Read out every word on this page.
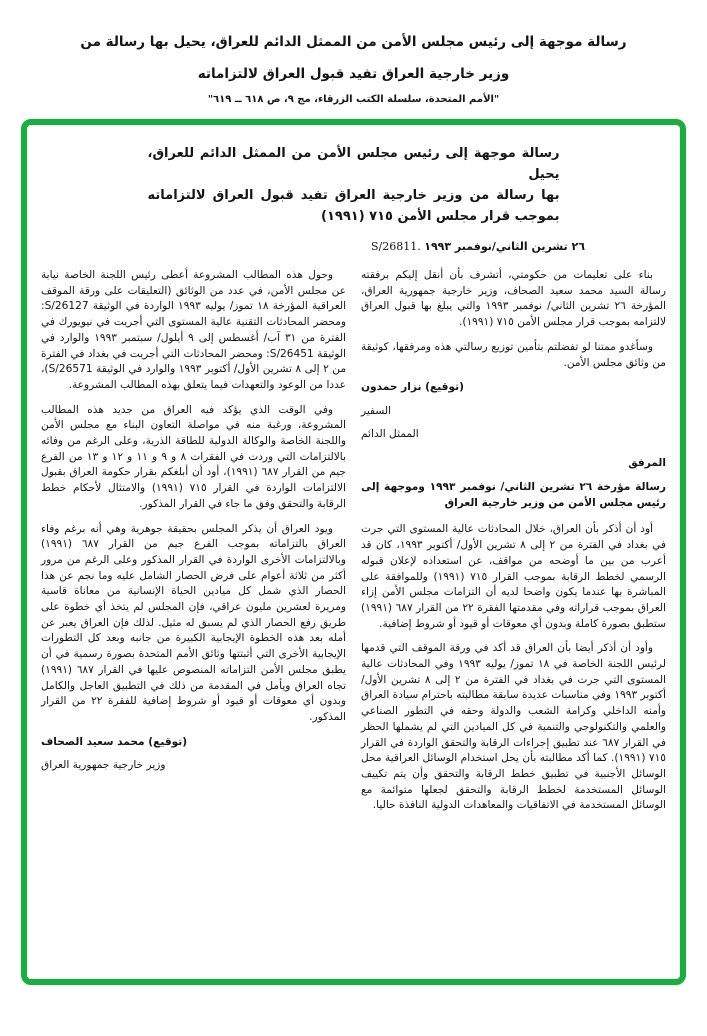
رسالة موجهة إلى رئيس مجلس الأمن من الممثل الدائم للعراق، يحيل بها رسالة من
وزير خارجية العراق تفيد قبول العراق لالتزاماته
"الأمم المتحدة، سلسلة الكتب الزرقاء، مج ٩، ص ٦١٨ ــ ٦١٩"
رسالة موجهة إلى رئيس مجلس الأمن من الممثل الدائم للعراق، يحيل
بها رسالة من وزير خارجية العراق تفيد قبول العراق لالتزاماته
بموجب قرار مجلس الأمن ٧١٥ (١٩٩١)
S/26811. ٢٦ تشرين الثاني/نوفمبر ١٩٩٣

وحول هذه المطالب المشروعة أعطى رئيس اللجنة الخاصة نيابة عن مجلس الأمن، في عدد من الوثائق (التعليقات على ورقة الموقف العراقية المؤرخة ١٨ تموز/ يوليه ١٩٩٣ الواردة في الوثيقة S/26127: ومحضر المحادثات التقنية عالية المستوى التي أجريت في نيويورك في الفترة من ٣١ آب/ أغسطس إلى ٩ أيلول/ سبتمبر ١٩٩٣ والوارد في الوثيقة S/26451: ومحضر المحادثات التي أجريت في بغداد في الفترة من ٢ إلى ٨ تشرين الأول/ أكتوبر ١٩٩٣ والوارد في الوثيقة S/26571)، عددا من الوعود والتعهدات فيما يتعلق بهذه المطالب المشروعة.

وفي الوقت الذي يؤكد فيه العراق من جديد هذه المطالب المشروعة، ورغبة منه في مواصلة التعاون البناء مع مجلس الأمن واللجنة الخاصة والوكالة الدولية للطاقة الذرية، وعلى الرغم من وفائه بالالتزامات التي وردت في الفقرات ٨ و ٩ و ١١ و ١٢ و ١٣ من الفرع جيم من القرار ٦٨٧ (١٩٩١)، أود أن أبلغكم بقرار حكومة العراق بقبول الالتزامات الواردة في القرار ٧١٥ (١٩٩١) والامتثال لأحكام خطط الرقابة والتحقق وفق ما جاء في القرار المذكور.

ويود العراق أن يذكر المجلس بحقيقة جوهرية وهي أنه برغم وفاء العراق بالتزاماته بموجب الفرع جيم من القرار ٦٨٧ (١٩٩١) وبالالتزامات الأخرى الواردة في القرار المذكور وعلى الرغم من مرور أكثر من ثلاثة أعوام على فرض الحصار الشامل عليه وما نجم عن هذا الحصار الذي شمل كل ميادين الحياة الإنسانية من معاناة قاسية ومريرة لعشرين مليون عراقي، فإن المجلس لم يتخذ أي خطوة على طريق رفع الحصار الذي لم يسبق له مثيل. لذلك فإن العراق يعبر عن أمله بعد هذه الخطوة الإيجابية الكبيرة من جانبه وبعد كل التطورات الإيجابية الأخرى التي أثبتتها وثائق الأمم المتحدة بصورة رسمية في أن يطبق مجلس الأمن التزاماته المنصوص عليها في القرار ٦٨٧ (١٩٩١) تجاه العراق ويأمل في المقدمة من ذلك في التطبيق العاجل والكامل وبدون أي معوقات أو قيود أو شروط إضافية للفقرة ٢٢ من القرار المذكور.

(توقيع) محمد سعيد الصحاف
وزير خارجية جمهورية العراق

بناء على تعليمات من حكومتي، أتشرف بأن أنقل إليكم برفقته رسالة السيد محمد سعيد الصحاف، وزير خارجية جمهورية العراق، المؤرخة ٢٦ تشرين الثاني/ نوفمبر ١٩٩٣ والتي يبلغ بها قبول العراق لالتزامه بموجب قرار مجلس الأمن ٧١٥ (١٩٩١).

وسأغدو ممتنا لو تفضلتم بتأمين توزيع رسالتي هذه ومرفقها، كوثيقة من وثائق مجلس الأمن.

(توقيع) نزار حمدون
السفير
الممثل الدائم
المرفق
رسالة مؤرخة ٢٦ تشرين الثاني/ نوفمبر ١٩٩٣ وموجهة إلى رئيس مجلس الأمن من وزير خارجية العراق

أود أن أذكر بأن العراق، خلال المحادثات عالية المستوى التي جرت في بغداد في الفترة من ٢ إلى ٨ تشرين الأول/ أكتوبر ١٩٩٣، كان قد أعرب من بين ما أوضحه من مواقف، عن استعداده لإعلان قبوله الرسمي لخطط الرقابة بموجب القرار ٧١٥ (١٩٩١) وللموافقة على المباشرة بها عندما يكون واضحا لديه أن التزامات مجلس الأمن إزاء العراق بموجب قراراته وفي مقدمتها الفقرة ٢٢ من القرار ٦٨٧ (١٩٩١) ستطبق بصورة كاملة وبدون أي معوقات أو قيود أو شروط إضافية.

وأود أن أذكر أيضا بأن العراق قد أكد في ورقة الموقف التي قدمها لرئيس اللجنة الخاصة في ١٨ تموز/ يوليه ١٩٩٣ وفي المحادثات عالية المستوى التي جرت في بغداد في الفترة من ٢ إلى ٨ تشرين الأول/ أكتوبر ١٩٩٣ وفي مناسبات عديدة سابقة مطالبته باحترام سيادة العراق وأمنه الداخلي وكرامة الشعب والدولة وحقه في التطور الصناعي والعلمي والتكنولوجي والتنمية في كل الميادين التي لم يشملها الحظر في القرار ٦٨٧ عند تطبيق إجراءات الرقابة والتحقق الواردة في القرار ٧١٥ (١٩٩١). كما أكد مطالبته بأن يحل استخدام الوسائل العراقية محل الوسائل الأجنبية في تطبيق خطط الرقابة والتحقق وأن يتم تكييف الوسائل المستخدمة لخطط الرقابة والتحقق لجعلها متوائمة مع الوسائل المستخدمة في الاتفاقيات والمعاهدات الدولية النافذة حاليا.
